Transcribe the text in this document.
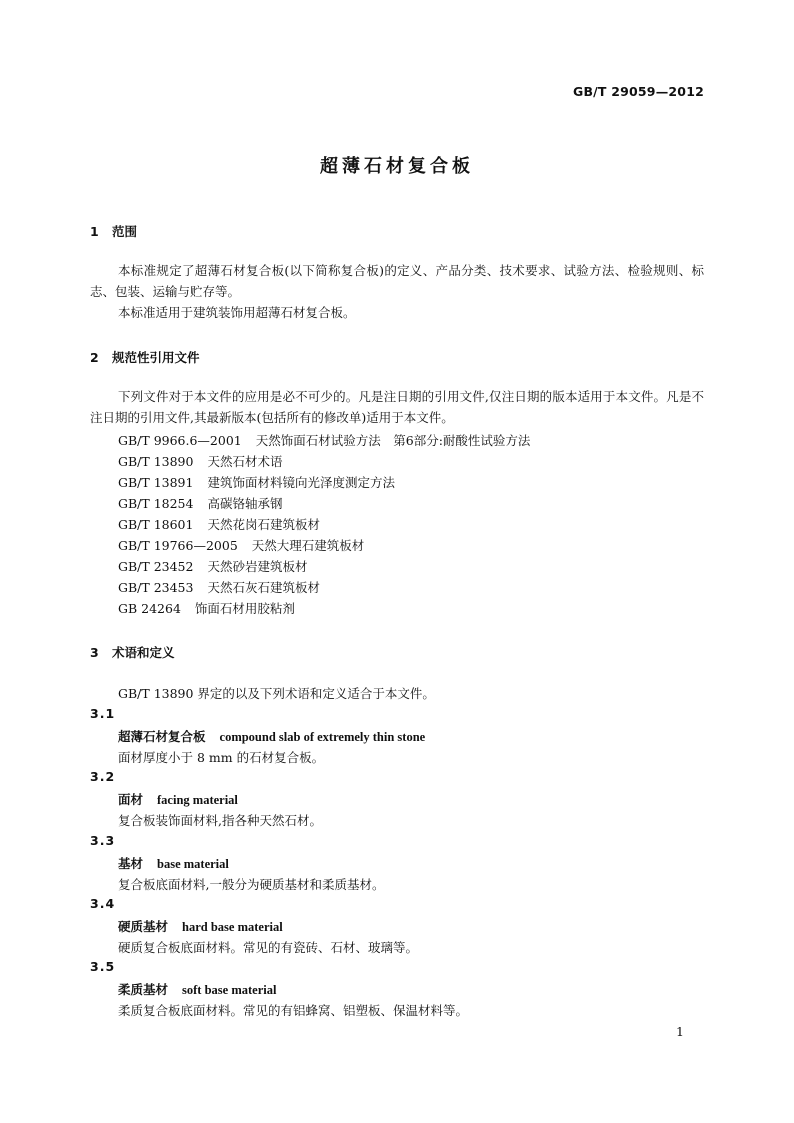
GB/T 29059—2012
超薄石材复合板
1 范围
本标准规定了超薄石材复合板(以下简称复合板)的定义、产品分类、技术要求、试验方法、检验规则、标志、包装、运输与贮存等。
本标准适用于建筑装饰用超薄石材复合板。
2 规范性引用文件
下列文件对于本文件的应用是必不可少的。凡是注日期的引用文件,仅注日期的版本适用于本文件。凡是不注日期的引用文件,其最新版本(包括所有的修改单)适用于本文件。
GB/T 9966.6—2001 天然饰面石材试验方法　第6部分:耐酸性试验方法
GB/T 13890 天然石材术语
GB/T 13891 建筑饰面材料镜向光泽度测定方法
GB/T 18254 高碳铬轴承钢
GB/T 18601 天然花岗石建筑板材
GB/T 19766—2005 天然大理石建筑板材
GB/T 23452 天然砂岩建筑板材
GB/T 23453 天然石灰石建筑板材
GB 24264 饰面石材用胶粘剂
3 术语和定义
GB/T 13890 界定的以及下列术语和定义适合于本文件。
3.1
超薄石材复合板 compound slab of extremely thin stone
面材厚度小于 8 mm 的石材复合板。
3.2
面材 facing material
复合板装饰面材料,指各种天然石材。
3.3
基材 base material
复合板底面材料,一般分为硬质基材和柔质基材。
3.4
硬质基材 hard base material
硬质复合板底面材料。常见的有瓷砖、石材、玻璃等。
3.5
柔质基材 soft base material
柔质复合板底面材料。常见的有铝蜂窝、铝塑板、保温材料等。
1
